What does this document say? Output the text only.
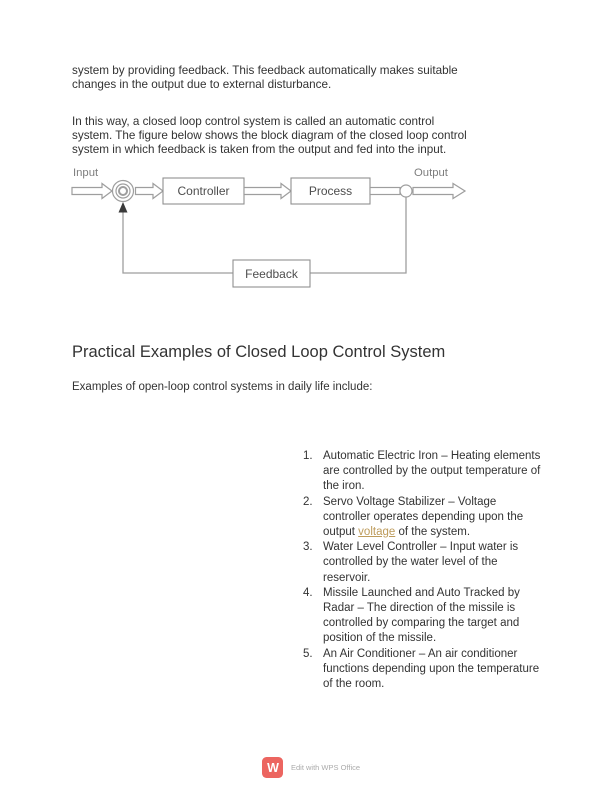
system by providing feedback. This feedback automatically makes suitable
changes in the output due to external disturbance.
In this way, a closed loop control system is called an automatic control
system. The figure below shows the block diagram of the closed loop control
system in which feedback is taken from the output and fed into the input.
Input	Output
Controller	Process
Feedback
Practical Examples of Closed Loop Control System
Examples of open-loop control systems in daily life include:
1. Automatic Electric Iron – Heating elements are controlled by the output temperature of the iron.
2. Servo Voltage Stabilizer – Voltage controller operates depending upon the output voltage of the system.
3. Water Level Controller – Input water is controlled by the water level of the reservoir.
4. Missile Launched and Auto Tracked by Radar – The direction of the missile is controlled by comparing the target and position of the missile.
5. An Air Conditioner – An air conditioner functions depending upon the temperature of the room.
W	Edit with WPS Office
